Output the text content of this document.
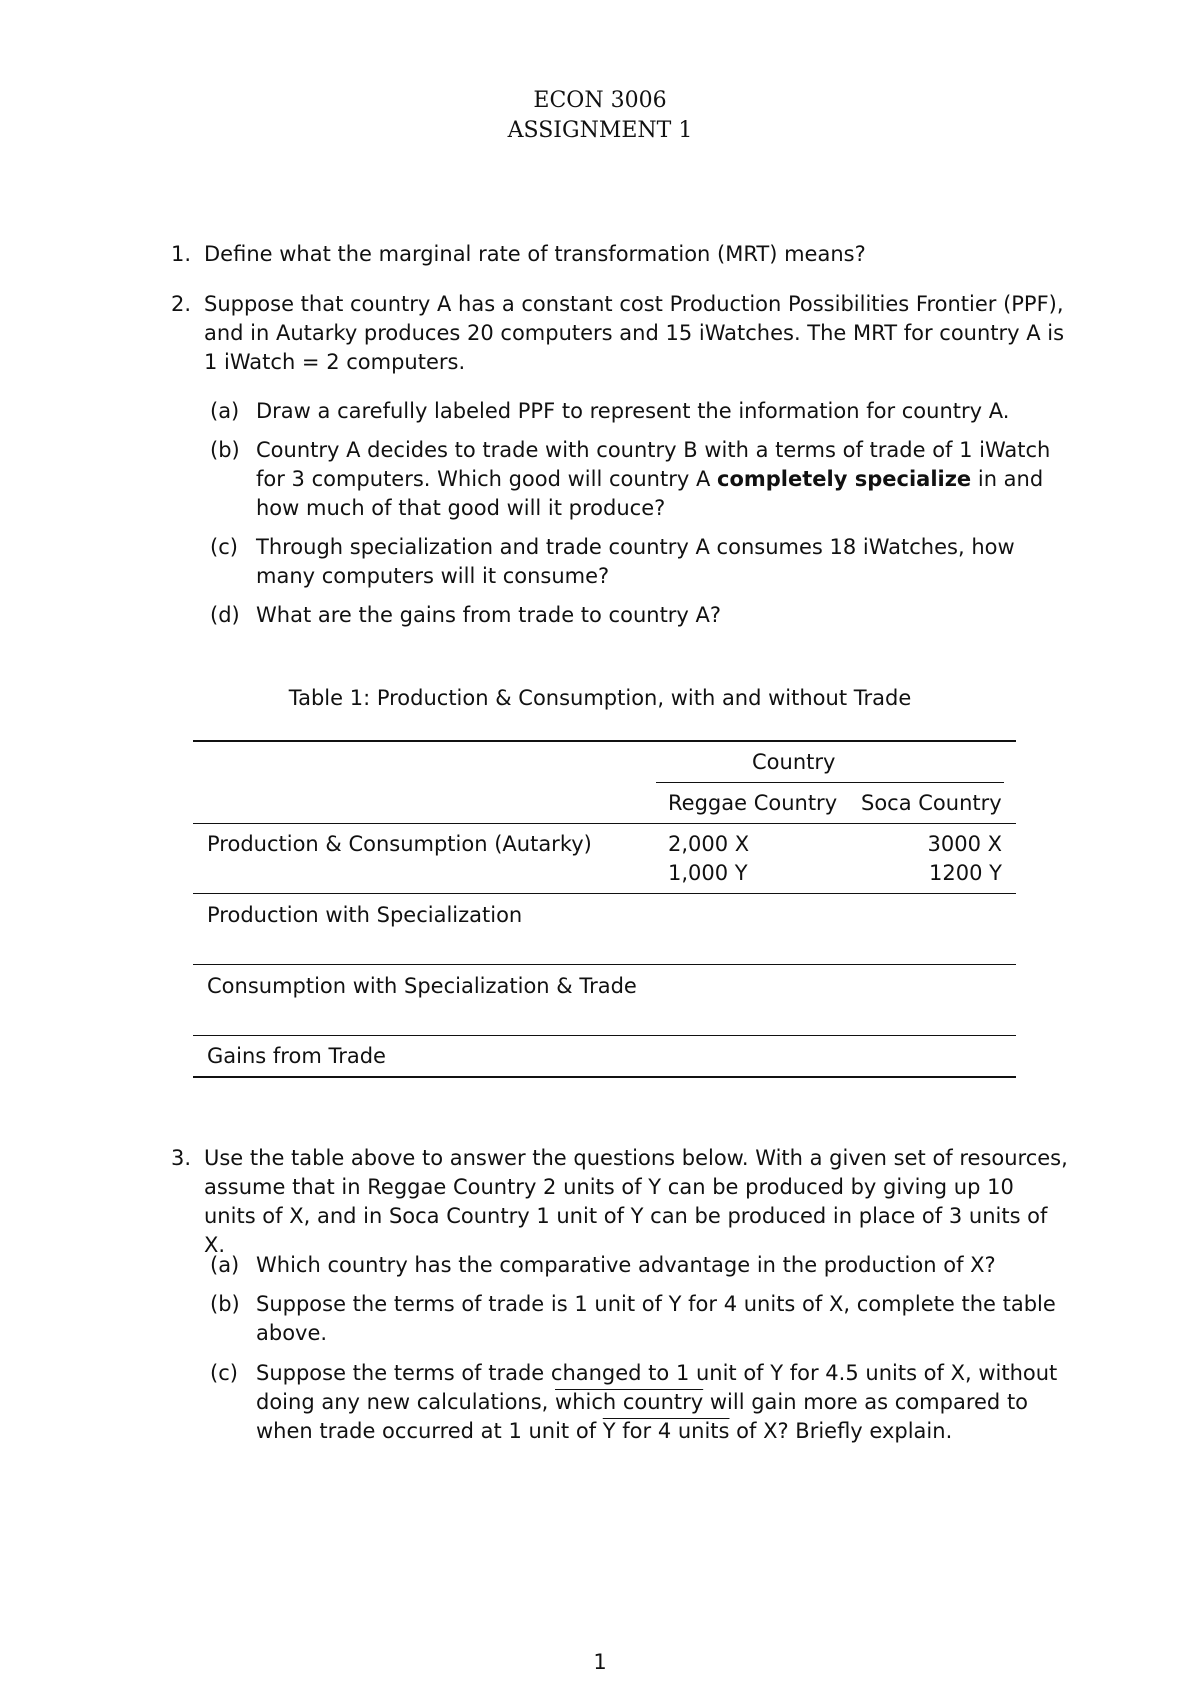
ECON 3006
ASSIGNMENT 1
1. Define what the marginal rate of transformation (MRT) means?
2. Suppose that country A has a constant cost Production Possibilities Frontier (PPF), and in Autarky produces 20 computers and 15 iWatches. The MRT for country A is 1 iWatch = 2 computers.
(a) Draw a carefully labeled PPF to represent the information for country A.
(b) Country A decides to trade with country B with a terms of trade of 1 iWatch for 3 computers. Which good will country A completely specialize in and how much of that good will it produce?
(c) Through specialization and trade country A consumes 18 iWatches, how many computers will it consume?
(d) What are the gains from trade to country A?
Table 1: Production & Consumption, with and without Trade
Country
Reggae Country Soca Country
Production & Consumption (Autarky)	2,000 X
1,000 Y
3000 X
1200 Y
Production with Specialization
Consumption with Specialization & Trade
Gains from Trade
3. Use the table above to answer the questions below. With a given set of resources, assume that in Reggae Country 2 units of Y can be produced by giving up 10 units of X, and in Soca Country 1 unit of Y can be produced in place of 3 units of X.
(a) Which country has the comparative advantage in the production of X?
(b) Suppose the terms of trade is 1 unit of Y for 4 units of X, complete the table above.
(c) Suppose the terms of trade changed to 1 unit of Y for 4.5 units of X, without doing any new calculations, which country will gain more as compared to when trade occurred at 1 unit of Y for 4 units of X? Briefly explain.
1
